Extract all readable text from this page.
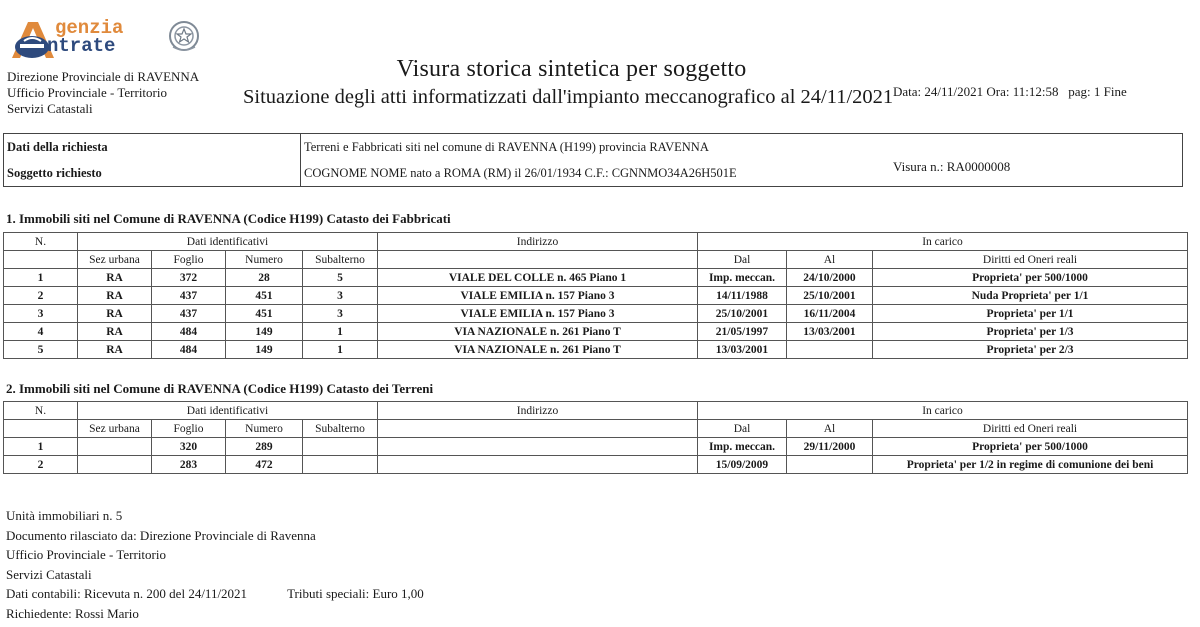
genzia
ntrate
Direzione Provinciale di RAVENNA
Ufficio Provinciale - Territorio
Servizi Catastali

Data: 24/11/2021 Ora: 11:12:58   pag: 1 Fine

Visura n.: RA0000008

Visura storica sintetica per soggetto
Situazione degli atti informatizzati dall'impianto meccanografico al 24/11/2021
Dati della richiesta	Terreni e Fabbricati siti nel comune di RAVENNA (H199) provincia RAVENNA
Soggetto richiesto	COGNOME NOME nato a ROMA (RM) il 26/01/1934 C.F.: CGNNMO34A26H501E
1. Immobili siti nel Comune di RAVENNA (Codice H199) Catasto dei Fabbricati
N.	Dati identificativi				Indirizzo	In carico		
	Sez urbana	Foglio	Numero	Subalterno		Dal	Al	Diritti ed Oneri reali
1	RA	372	28	5	VIALE DEL COLLE n. 465 Piano 1	Imp. meccan.	24/10/2000	Proprieta' per 500/1000
2	RA	437	451	3	VIALE EMILIA n. 157 Piano 3	14/11/1988	25/10/2001	Nuda Proprieta' per 1/1
3	RA	437	451	3	VIALE EMILIA n. 157 Piano 3	25/10/2001	16/11/2004	Proprieta' per 1/1
4	RA	484	149	1	VIA NAZIONALE n. 261 Piano T	21/05/1997	13/03/2001	Proprieta' per 1/3
5	RA	484	149	1	VIA NAZIONALE n. 261 Piano T	13/03/2001		Proprieta' per 2/3
2. Immobili siti nel Comune di RAVENNA (Codice H199) Catasto dei Terreni
N.	Dati identificativi				Indirizzo	In carico		
	Sez urbana	Foglio	Numero	Subalterno		Dal	Al	Diritti ed Oneri reali
1		320	289			Imp. meccan.	29/11/2000	Proprieta' per 500/1000
2		283	472			15/09/2009		Proprieta' per 1/2 in regime di comunione dei beni
Unità immobiliari n. 5
Documento rilasciato da: Direzione Provinciale di Ravenna
Ufficio Provinciale - Territorio
Servizi Catastali
Dati contabili: Ricevuta n. 200 del 24/11/2021	Tributi speciali: Euro 1,00
Richiedente: Rossi Mario
